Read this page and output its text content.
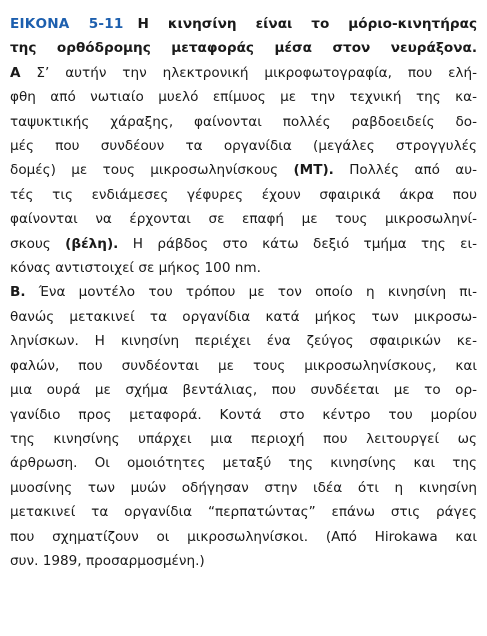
ΕΙΚΟΝΑ 5-11 Η κινησίνη είναι το μόριο-κινητήρας
της ορθόδρομης μεταφοράς μέσα στον νευράξονα.
Α Σ’ αυτήν την ηλεκτρονική μικροφωτογραφία, που ελή-
φθη από νωτιαίο μυελό επίμυος με την τεχνική της κα-
ταψυκτικής χάραξης, φαίνονται πολλές ραβδοειδείς δο-
μές που συνδέουν τα οργανίδια (μεγάλες στρογγυλές
δομές) με τους μικροσωληνίσκους (ΜΤ). Πολλές από αυ-
τές τις ενδιάμεσες γέφυρες έχουν σφαιρικά άκρα που
φαίνονται να έρχονται σε επαφή με τους μικροσωληνί-
σκους (βέλη). Η ράβδος στο κάτω δεξιό τμήμα της ει-
κόνας αντιστοιχεί σε μήκος 100 nm.
Β. Ένα μοντέλο του τρόπου με τον οποίο η κινησίνη πι-
θανώς μετακινεί τα οργανίδια κατά μήκος των μικροσω-
ληνίσκων. Η κινησίνη περιέχει ένα ζεύγος σφαιρικών κε-
φαλών, που συνδέονται με τους μικροσωληνίσκους, και
μια ουρά με σχήμα βεντάλιας, που συνδέεται με το ορ-
γανίδιο προς μεταφορά. Κοντά στο κέντρο του μορίου
της κινησίνης υπάρχει μια περιοχή που λειτουργεί ως
άρθρωση. Οι ομοιότητες μεταξύ της κινησίνης και της
μυοσίνης των μυών οδήγησαν στην ιδέα ότι η κινησίνη
μετακινεί τα οργανίδια “περπατώντας” επάνω στις ράγες
που σχηματίζουν οι μικροσωληνίσκοι. (Από Hirokawa και
συν. 1989, προσαρμοσμένη.)
